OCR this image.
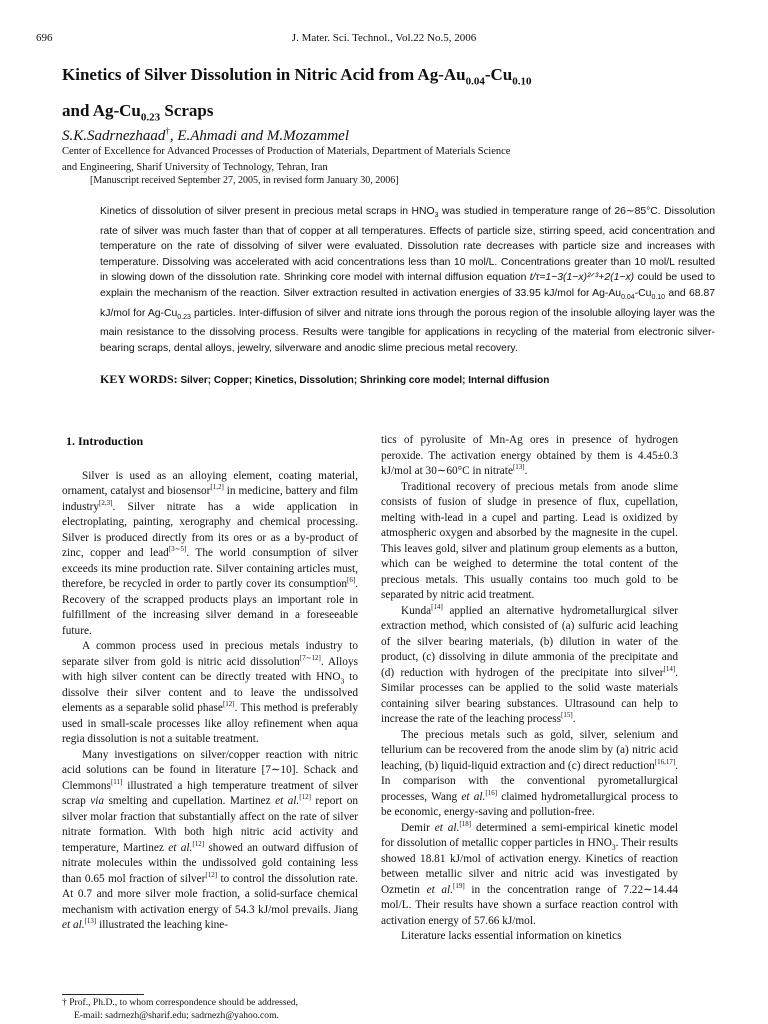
696	J. Mater. Sci. Technol., Vol.22 No.5, 2006
Kinetics of Silver Dissolution in Nitric Acid from $Ag-Au_{0.04}-Cu_{0.10}$
and $Ag-Cu_{0.23}$ Scraps
S.K.Sadrnezhaad†, E.Ahmadi and M.Mozammel
Center of Excellence for Advanced Processes of Production of Materials, Department of Materials Science
and Engineering, Sharif University of Technology, Tehran, Iran
[Manuscript received September 27, 2005, in revised form January 30, 2006]

Kinetics of dissolution of silver present in precious metal scraps in $HNO_3$ was studied in temperature range of 26∼85°C. Dissolution rate of silver was much faster than that of copper at all temperatures. Effects of particle size, stirring speed, acid concentration and temperature on the rate of dissolving of silver were evaluated. Dissolution rate decreases with particle size and increases with temperature. Dissolving was accelerated with acid concentrations less than 10 mol/L. Concentrations greater than 10 mol/L resulted in slowing down of the dissolution rate. Shrinking core model with internal diffusion equation t/τ=1−3(1−x)²ᐟ³+2(1−x) could be used to explain the mechanism of the reaction. Silver extraction resulted in activation energies of 33.95 kJ/mol for $Ag-Au_{0.04}-Cu_{0.10}$ and 68.87 kJ/mol for $Ag-Cu_{0.23}$ particles. Inter-diffusion of silver and nitrate ions through the porous region of the insoluble alloying layer was the main resistance to the dissolving process. Results were tangible for applications in recycling of the material from electronic silver-bearing scraps, dental alloys, jewelry, silverware and anodic slime precious metal recovery.

KEY WORDS: Silver; Copper; Kinetics, Dissolution; Shrinking core model; Internal diffusion
1. Introduction

Silver is used as an alloying element, coating material, ornament, catalyst and biosensor[1,2] in medicine, battery and film industry[2,3]. Silver nitrate has a wide application in electroplating, painting, xerography and chemical processing. Silver is produced directly from its ores or as a by-product of zinc, copper and lead[3∼5]. The world consumption of silver exceeds its mine production rate. Silver containing articles must, therefore, be recycled in order to partly cover its consumption[6]. Recovery of the scrapped products plays an important role in fulfillment of the increasing silver demand in a foreseeable future.

A common process used in precious metals industry to separate silver from gold is nitric acid dissolution[7∼12]. Alloys with high silver content can be directly treated with $HNO_3$ to dissolve their silver content and to leave the undissolved elements as a separable solid phase[12]. This method is preferably used in small-scale processes like alloy refinement when aqua regia dissolution is not a suitable treatment.

Many investigations on silver/copper reaction with nitric acid solutions can be found in literature [7∼10]. Schack and Clemmons[11] illustrated a high temperature treatment of silver scrap via smelting and cupellation. Martinez et al.[12] report on silver molar fraction that substantially affect on the rate of silver nitrate formation. With both high nitric acid activity and temperature, Martinez et al.[12] showed an outward diffusion of nitrate molecules within the undissolved gold containing less than 0.65 mol fraction of silver[12] to control the dissolution rate. At 0.7 and more silver mole fraction, a solid-surface chemical mechanism with activation energy of 54.3 kJ/mol prevails. Jiang et al.[13] illustrated the leaching kine-

tics of pyrolusite of Mn-Ag ores in presence of hydrogen peroxide. The activation energy obtained by them is 4.45±0.3 kJ/mol at 30∼60°C in nitrate[13].

Traditional recovery of precious metals from anode slime consists of fusion of sludge in presence of flux, cupellation, melting with-lead in a cupel and parting. Lead is oxidized by atmospheric oxygen and absorbed by the magnesite in the cupel. This leaves gold, silver and platinum group elements as a button, which can be weighed to determine the total content of the precious metals. This usually contains too much gold to be separated by nitric acid treatment.

Kunda[14] applied an alternative hydrometallurgical silver extraction method, which consisted of (a) sulfuric acid leaching of the silver bearing materials, (b) dilution in water of the product, (c) dissolving in dilute ammonia of the precipitate and (d) reduction with hydrogen of the precipitate into silver[14]. Similar processes can be applied to the solid waste materials containing silver bearing substances. Ultrasound can help to increase the rate of the leaching process[15].

The precious metals such as gold, silver, selenium and tellurium can be recovered from the anode slim by (a) nitric acid leaching, (b) liquid-liquid extraction and (c) direct reduction[16,17]. In comparison with the conventional pyrometallurgical processes, Wang et al.[16] claimed hydrometallurgical process to be economic, energy-saving and pollution-free.

Demir et al.[18] determined a semi-empirical kinetic model for dissolution of metallic copper particles in $HNO_3$. Their results showed 18.81 kJ/mol of activation energy. Kinetics of reaction between metallic silver and nitric acid was investigated by Ozmetin et al.[19] in the concentration range of 7.22∼14.44 mol/L. Their results have shown a surface reaction control with activation energy of 57.66 kJ/mol.

Literature lacks essential information on kinetics

† Prof., Ph.D., to whom correspondence should be addressed,
E-mail: sadrnezh@sharif.edu; sadrnezh@yahoo.com.
